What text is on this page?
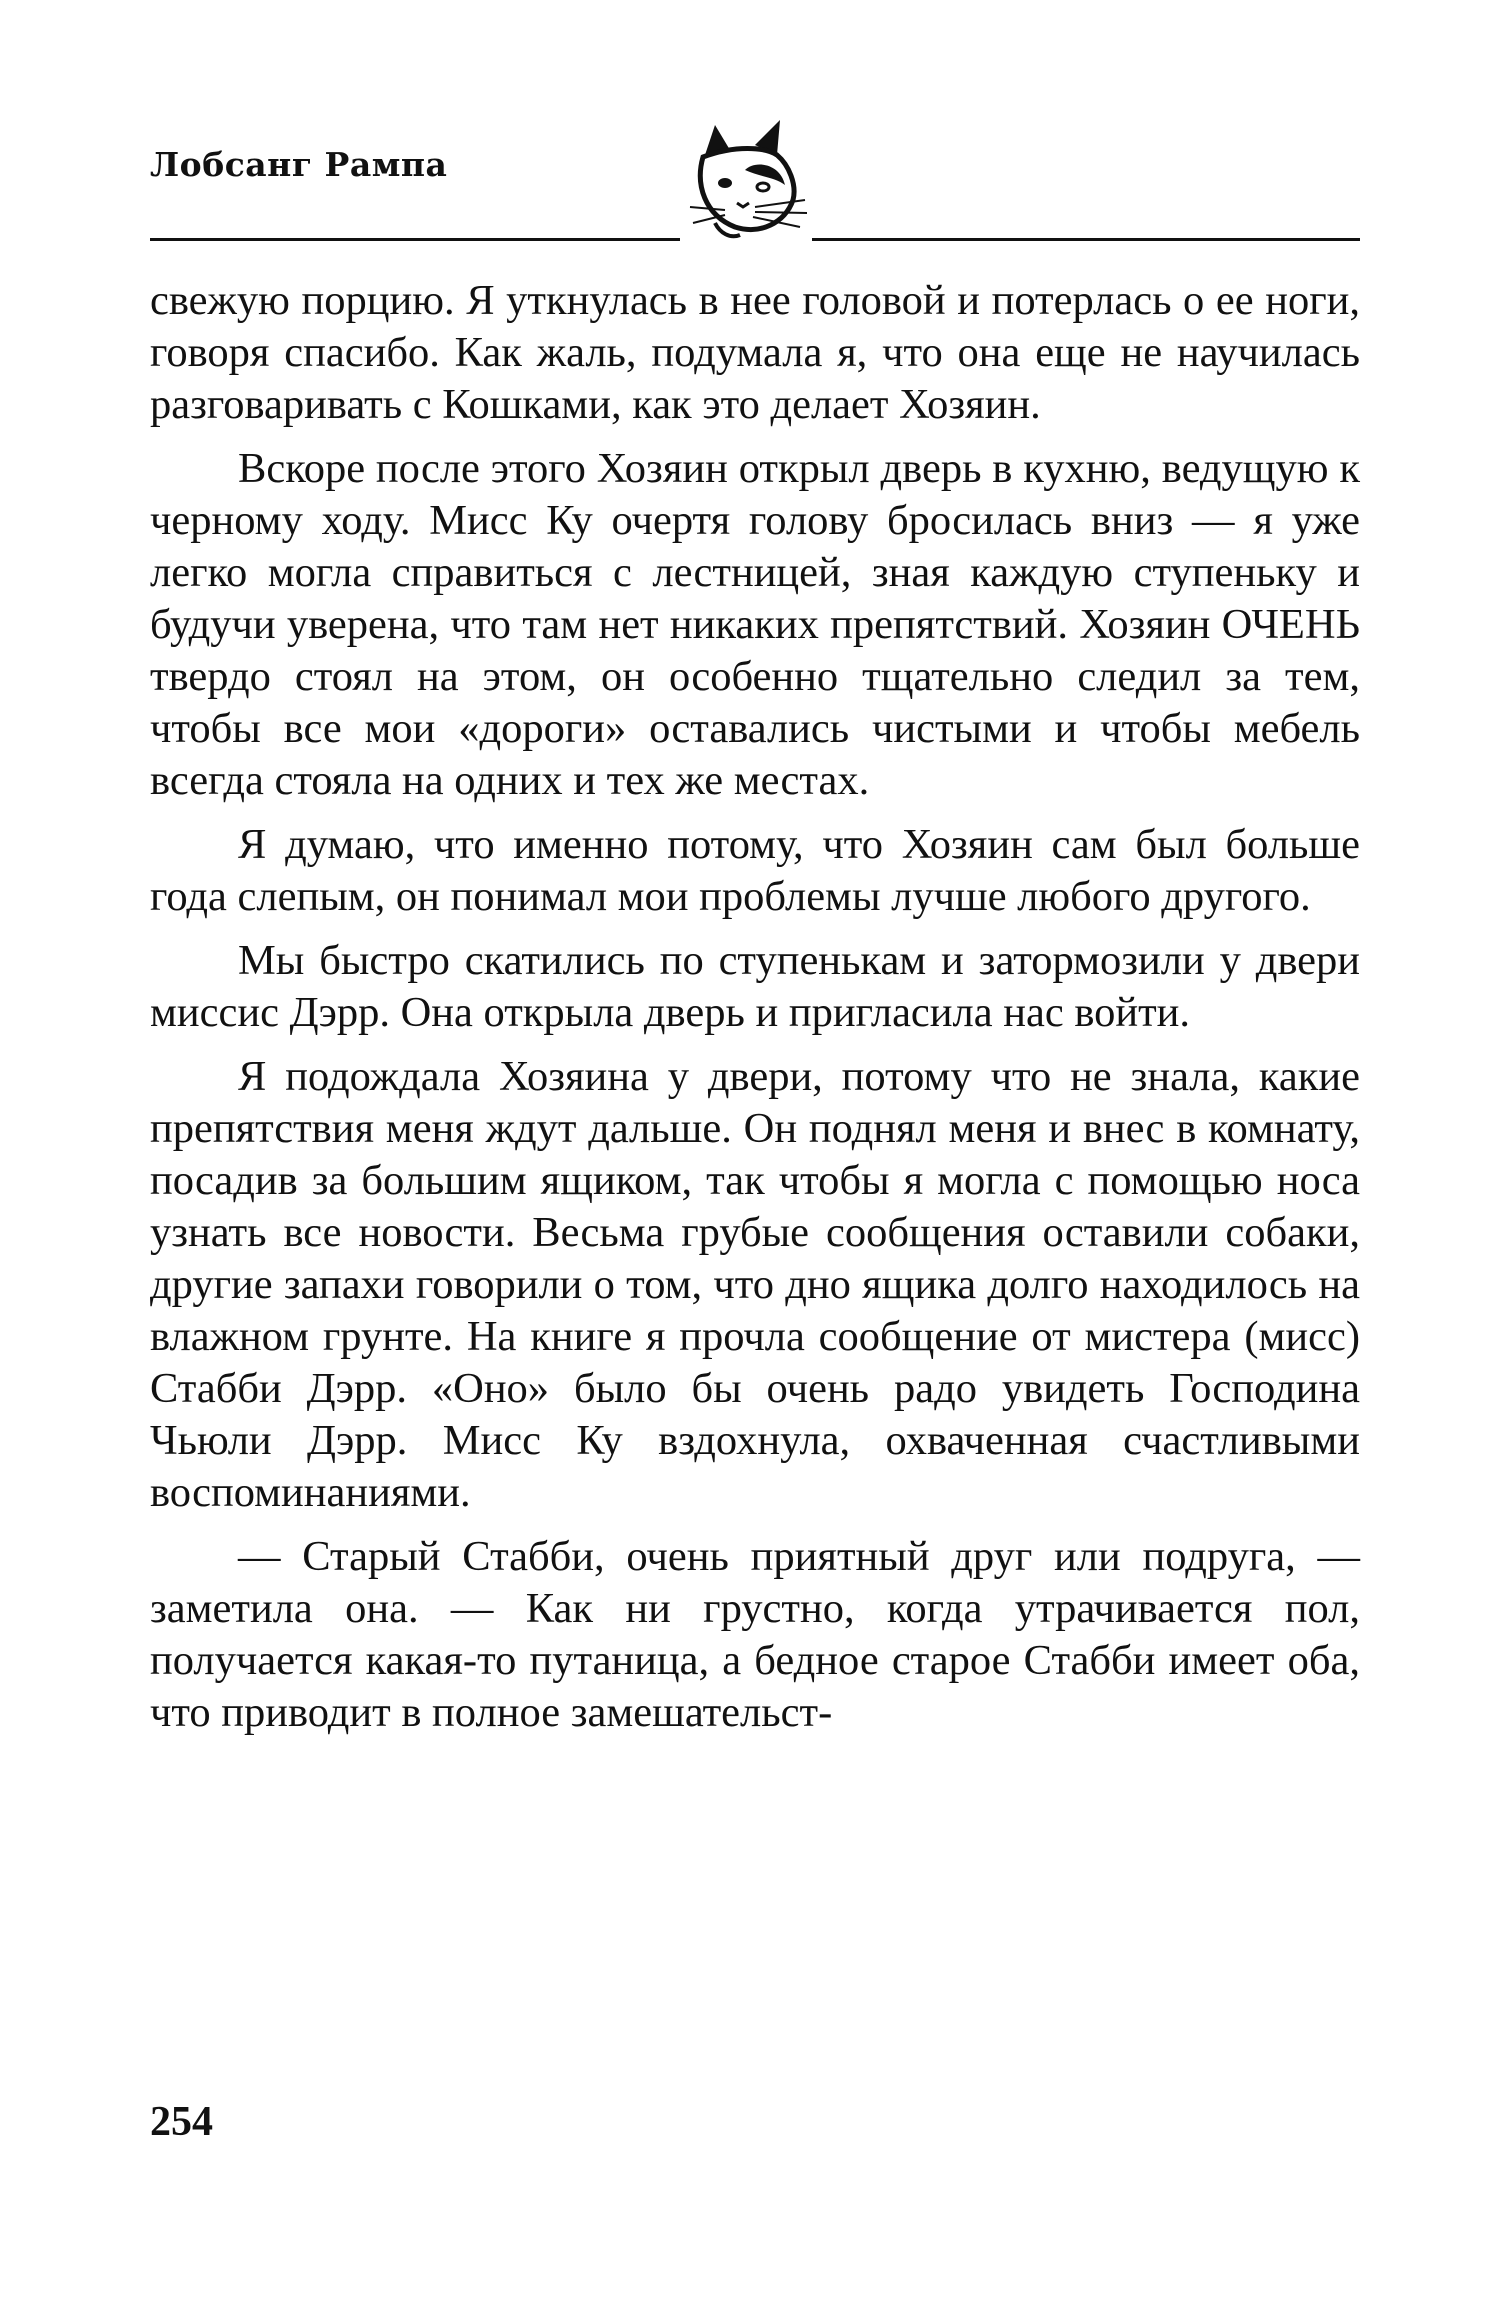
Лобсанг Рампа

свежую порцию. Я уткнулась в нее головой и потерлась о ее ноги, говоря спасибо. Как жаль, подумала я, что она еще не научилась разговаривать с Кошками, как это делает Хозяин.

Вскоре после этого Хозяин открыл дверь в кухню, ведущую к черному ходу. Мисс Ку очертя голову бросилась вниз — я уже легко могла справиться с лестницей, зная каждую ступеньку и будучи уверена, что там нет никаких препятствий. Хозяин ОЧЕНЬ твердо стоял на этом, он особенно тщательно следил за тем, чтобы все мои «дороги» оставались чистыми и чтобы мебель всегда стояла на одних и тех же местах.

Я думаю, что именно потому, что Хозяин сам был больше года слепым, он понимал мои проблемы лучше любого другого.

Мы быстро скатились по ступенькам и затормозили у двери миссис Дэрр. Она открыла дверь и пригласила нас войти.

Я подождала Хозяина у двери, потому что не знала, какие препятствия меня ждут дальше. Он поднял меня и внес в комнату, посадив за большим ящиком, так чтобы я могла с помощью носа узнать все новости. Весьма грубые сообщения оставили собаки, другие запахи говорили о том, что дно ящика долго находилось на влажном грунте. На книге я прочла сообщение от мистера (мисс) Стабби Дэрр. «Оно» было бы очень радо увидеть Господина Чьюли Дэрр. Мисс Ку вздохнула, охваченная счастливыми воспоминаниями.

— Старый Стабби, очень приятный друг или подруга, — заметила она. — Как ни грустно, когда утрачивается пол, получается какая-то путаница, а бедное старое Стабби имеет оба, что приводит в полное замешательст-

254
